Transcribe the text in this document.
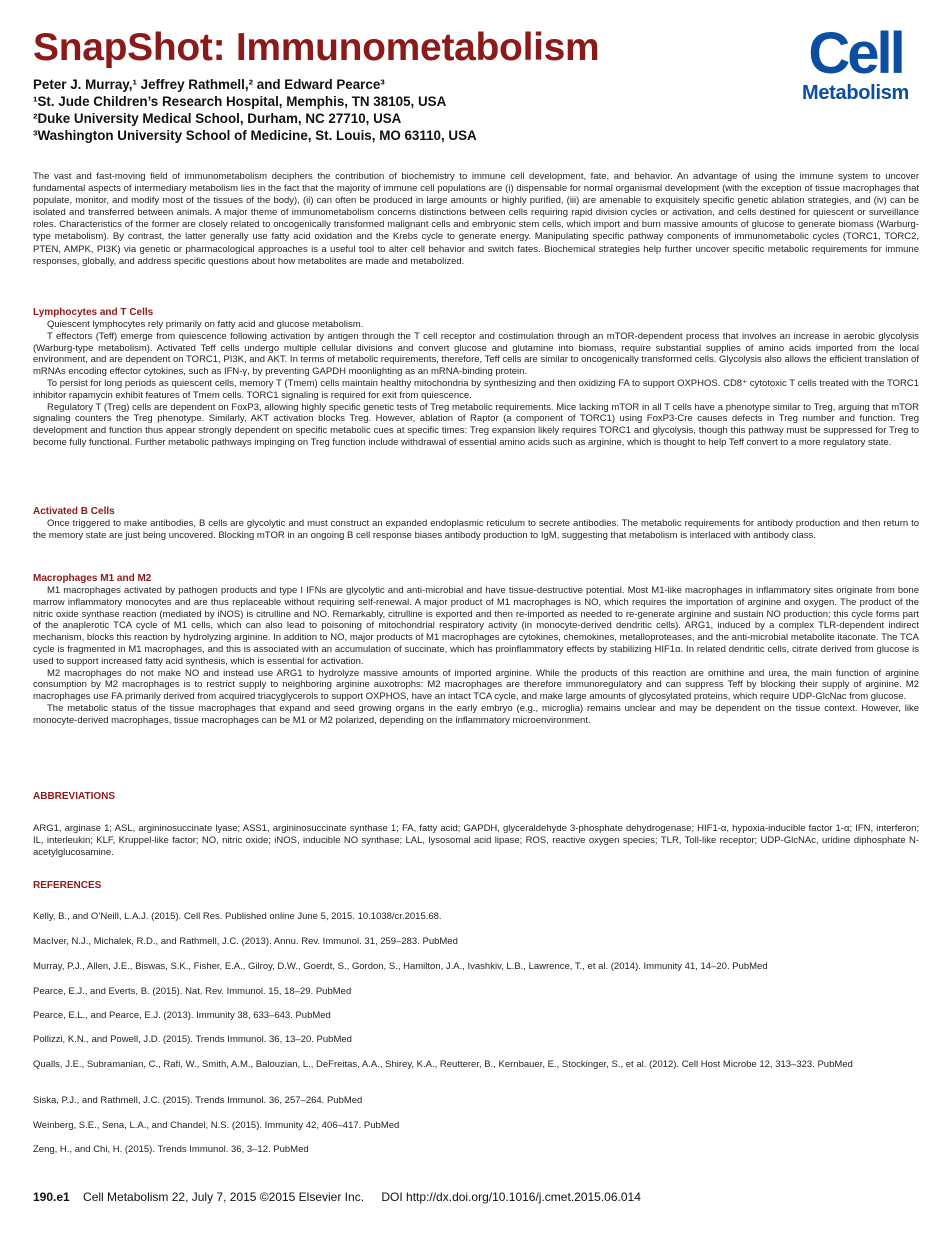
SnapShot: Immunometabolism
Peter J. Murray,¹ Jeffrey Rathmell,² and Edward Pearce³
¹St. Jude Children’s Research Hospital, Memphis, TN 38105, USA
²Duke University Medical School, Durham, NC 27710, USA
³Washington University School of Medicine, St. Louis, MO 63110, USA
Cell
Metabolism
The vast and fast-moving field of immunometabolism deciphers the contribution of biochemistry to immune cell development, fate, and behavior. An advantage of using the immune system to uncover fundamental aspects of intermediary metabolism lies in the fact that the majority of immune cell populations are (i) dispensable for normal organismal development (with the exception of tissue macrophages that populate, monitor, and modify most of the tissues of the body), (ii) can often be produced in large amounts or highly purified, (iii) are amenable to exquisitely specific genetic ablation strategies, and (iv) can be isolated and transferred between animals. A major theme of immunometabolism concerns distinctions between cells requiring rapid division cycles or activation, and cells destined for quiescent or surveillance roles. Characteristics of the former are closely related to oncogenically transformed malignant cells and embryonic stem cells, which import and burn massive amounts of glucose to generate biomass (Warburg-type metabolism). By contrast, the latter generally use fatty acid oxidation and the Krebs cycle to generate energy. Manipulating specific pathway components of immunometabolic cycles (TORC1, TORC2, PTEN, AMPK, PI3K) via genetic or pharmacological approaches is a useful tool to alter cell behavior and switch fates. Biochemical strategies help further uncover specific metabolic requirements for immune responses, globally, and address specific questions about how metabolites are made and metabolized.
Lymphocytes and T Cells

Quiescent lymphocytes rely primarily on fatty acid and glucose metabolism.

T effectors (Teff) emerge from quiescence following activation by antigen through the T cell receptor and costimulation through an mTOR-dependent process that involves an increase in aerobic glycolysis (Warburg-type metabolism). Activated Teff cells undergo multiple cellular divisions and convert glucose and glutamine into biomass, require substantial supplies of amino acids imported from the local environment, and are dependent on TORC1, PI3K, and AKT. In terms of metabolic requirements, therefore, Teff cells are similar to oncogenically transformed cells. Glycolysis also allows the efficient translation of mRNAs encoding effector cytokines, such as IFN-γ, by preventing GAPDH moonlighting as an mRNA-binding protein.

To persist for long periods as quiescent cells, memory T (Tmem) cells maintain healthy mitochondria by synthesizing and then oxidizing FA to support OXPHOS. CD8⁺ cytotoxic T cells treated with the TORC1 inhibitor rapamycin exhibit features of Tmem cells. TORC1 signaling is required for exit from quiescence.

Regulatory T (Treg) cells are dependent on FoxP3, allowing highly specific genetic tests of Treg metabolic requirements. Mice lacking mTOR in all T cells have a phenotype similar to Treg, arguing that mTOR signaling counters the Treg phenotype. Similarly, AKT activation blocks Treg. However, ablation of Raptor (a component of TORC1) using FoxP3-Cre causes defects in Treg number and function. Treg development and function thus appear strongly dependent on specific metabolic cues at specific times: Treg expansion likely requires TORC1 and glycolysis, though this pathway must be suppressed for Treg to become fully functional. Further metabolic pathways impinging on Treg function include withdrawal of essential amino acids such as arginine, which is thought to help Teff convert to a more regulatory state.

Activated B Cells

Once triggered to make antibodies, B cells are glycolytic and must construct an expanded endoplasmic reticulum to secrete antibodies. The metabolic requirements for antibody production and then return to the memory state are just being uncovered. Blocking mTOR in an ongoing B cell response biases antibody production to IgM, suggesting that metabolism is interlaced with antibody class.

Macrophages M1 and M2

M1 macrophages activated by pathogen products and type I IFNs are glycolytic and anti-microbial and have tissue-destructive potential. Most M1-like macrophages in inflammatory sites originate from bone marrow inflammatory monocytes and are thus replaceable without requiring self-renewal. A major product of M1 macrophages is NO, which requires the importation of arginine and oxygen. The product of the nitric oxide synthase reaction (mediated by iNOS) is citrulline and NO. Remarkably, citrulline is exported and then re-imported as needed to re-generate arginine and sustain NO production; this cycle forms part of the anaplerotic TCA cycle of M1 cells, which can also lead to poisoning of mitochondrial respiratory activity (in monocyte-derived dendritic cells). ARG1, induced by a complex TLR-dependent indirect mechanism, blocks this reaction by hydrolyzing arginine. In addition to NO, major products of M1 macrophages are cytokines, chemokines, metalloproteases, and the anti-microbial metabolite itaconate. The TCA cycle is fragmented in M1 macrophages, and this is associated with an accumulation of succinate, which has proinflammatory effects by stabilizing HIF1α. In related dendritic cells, citrate derived from glucose is used to support increased fatty acid synthesis, which is essential for activation.

M2 macrophages do not make NO and instead use ARG1 to hydrolyze massive amounts of imported arginine. While the products of this reaction are ornithine and urea, the main function of arginine consumption by M2 macrophages is to restrict supply to neighboring arginine auxotrophs: M2 macrophages are therefore immunoregulatory and can suppress Teff by blocking their supply of arginine. M2 macrophages use FA primarily derived from acquired triacyglycerols to support OXPHOS, have an intact TCA cycle, and make large amounts of glycosylated proteins, which require UDP-GlcNac from glucose.

The metabolic status of the tissue macrophages that expand and seed growing organs in the early embryo (e.g., microglia) remains unclear and may be dependent on the tissue context. However, like monocyte-derived macrophages, tissue macrophages can be M1 or M2 polarized, depending on the inflammatory microenvironment.

ABBREVIATIONS
ARG1, arginase 1; ASL, argininosuccinate lyase; ASS1, argininosuccinate synthase 1; FA, fatty acid; GAPDH, glyceraldehyde 3-phosphate dehydrogenase; HIF1-α, hypoxia-inducible factor 1-α; IFN, interferon; IL, interleukin; KLF, Kruppel-like factor; NO, nitric oxide; iNOS, inducible NO synthase; LAL, lysosomal acid lipase; ROS, reactive oxygen species; TLR, Toll-like receptor; UDP-GlcNAc, uridine diphosphate N-acetylglucosamine.
REFERENCES
Kelly, B., and O’Neill, L.A.J. (2015). Cell Res. Published online June 5, 2015. 10.1038/cr.2015.68.
MacIver, N.J., Michalek, R.D., and Rathmell, J.C. (2013). Annu. Rev. Immunol. 31, 259–283. PubMed
Murray, P.J., Allen, J.E., Biswas, S.K., Fisher, E.A., Gilroy, D.W., Goerdt, S., Gordon, S., Hamilton, J.A., Ivashkiv, L.B., Lawrence, T., et al. (2014). Immunity 41, 14–20. PubMed
Pearce, E.J., and Everts, B. (2015). Nat. Rev. Immunol. 15, 18–29. PubMed
Pearce, E.L., and Pearce, E.J. (2013). Immunity 38, 633–643. PubMed
Pollizzi, K.N., and Powell, J.D. (2015). Trends Immunol. 36, 13–20. PubMed
Qualls, J.E., Subramanian, C., Rafi, W., Smith, A.M., Balouzian, L., DeFreitas, A.A., Shirey, K.A., Reutterer, B., Kernbauer, E., Stockinger, S., et al. (2012). Cell Host Microbe 12, 313–323. PubMed
Siska, P.J., and Rathmell, J.C. (2015). Trends Immunol. 36, 257–264. PubMed
Weinberg, S.E., Sena, L.A., and Chandel, N.S. (2015). Immunity 42, 406–417. PubMed
Zeng, H., and Chi, H. (2015). Trends Immunol. 36, 3–12. PubMed
190.e1 Cell Metabolism 22, July 7, 2015 ©2015 Elsevier Inc. DOI http://dx.doi.org/10.1016/j.cmet.2015.06.014
